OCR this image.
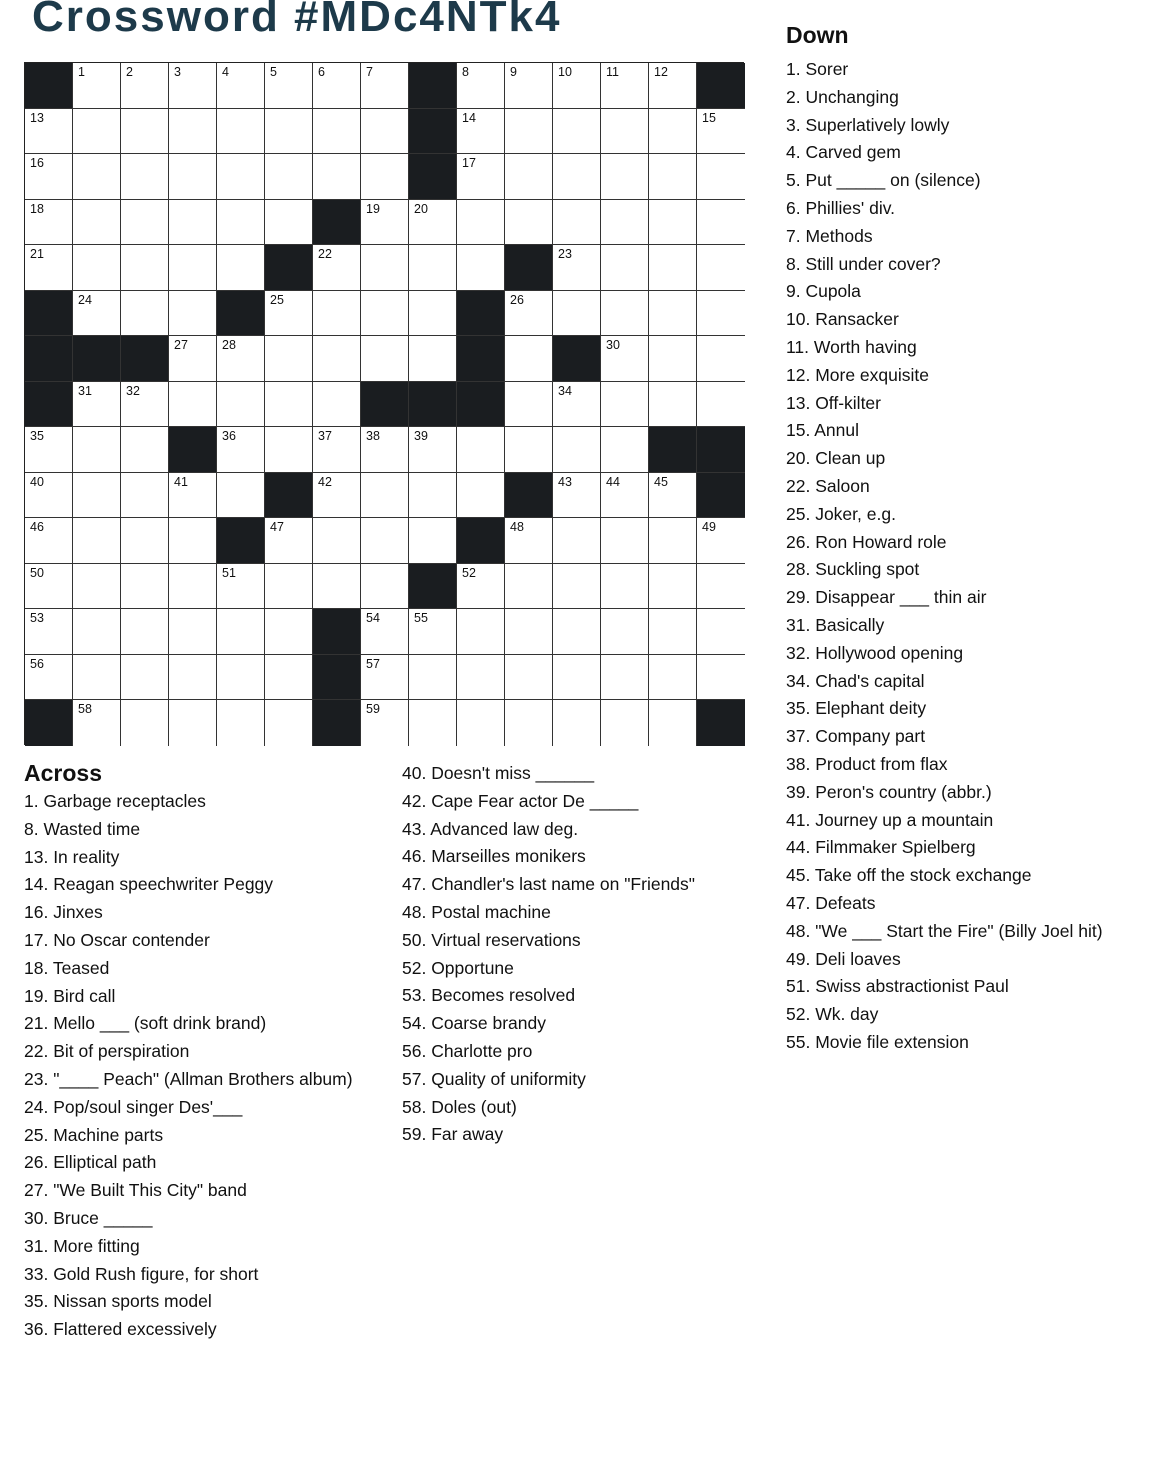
Crossword #MDc4NTk4
1	2	3	4	5	6	7	8	9	10	11	12
13	14	15
16	17
18	19	20
21	22	23
24	25	26
27	28	30
31	32	34
35	36	37	38	39
40	41	42	43	44	45
46	47	48	49
50	51	52
53	54	55
56	57
58	59
Across
1. Garbage receptacles
8. Wasted time
13. In reality
14. Reagan speechwriter Peggy
16. Jinxes
17. No Oscar contender
18. Teased
19. Bird call
21. Mello ___ (soft drink brand)
22. Bit of perspiration
23. "____ Peach" (Allman Brothers album)
24. Pop/soul singer Des'___
25. Machine parts
26. Elliptical path
27. "We Built This City" band
30. Bruce _____
31. More fitting
33. Gold Rush figure, for short
35. Nissan sports model
36. Flattered excessively
40. Doesn't miss ______
42. Cape Fear actor De _____
43. Advanced law deg.
46. Marseilles monikers
47. Chandler's last name on "Friends"
48. Postal machine
50. Virtual reservations
52. Opportune
53. Becomes resolved
54. Coarse brandy
56. Charlotte pro
57. Quality of uniformity
58. Doles (out)
59. Far away
Down
1. Sorer
2. Unchanging
3. Superlatively lowly
4. Carved gem
5. Put _____ on (silence)
6. Phillies' div.
7. Methods
8. Still under cover?
9. Cupola
10. Ransacker
11. Worth having
12. More exquisite
13. Off-kilter
15. Annul
20. Clean up
22. Saloon
25. Joker, e.g.
26. Ron Howard role
28. Suckling spot
29. Disappear ___ thin air
31. Basically
32. Hollywood opening
34. Chad's capital
35. Elephant deity
37. Company part
38. Product from flax
39. Peron's country (abbr.)
41. Journey up a mountain
44. Filmmaker Spielberg
45. Take off the stock exchange
47. Defeats
48. "We ___ Start the Fire" (Billy Joel hit)
49. Deli loaves
51. Swiss abstractionist Paul
52. Wk. day
55. Movie file extension
